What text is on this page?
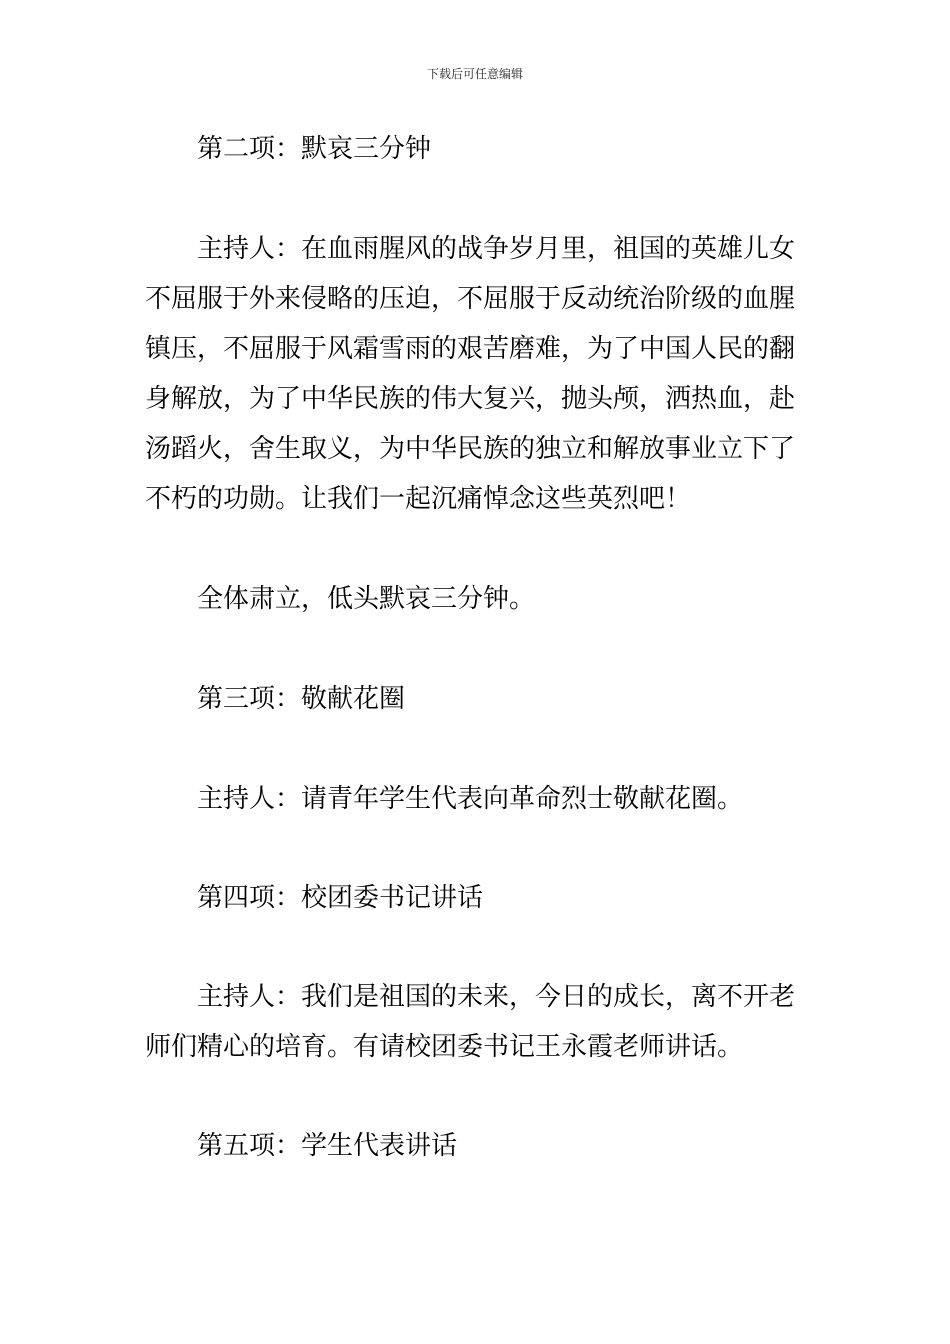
下载后可任意编辑

第二项：默哀三分钟

主持人：在血雨腥风的战争岁月里，祖国的英雄儿女不屈服于外来侵略的压迫，不屈服于反动统治阶级的血腥镇压，不屈服于风霜雪雨的艰苦磨难，为了中国人民的翻身解放，为了中华民族的伟大复兴，抛头颅，洒热血，赴汤蹈火，舍生取义，为中华民族的独立和解放事业立下了不朽的功勋。让我们一起沉痛悼念这些英烈吧！

全体肃立，低头默哀三分钟。

第三项：敬献花圈

主持人：请青年学生代表向革命烈士敬献花圈。

第四项：校团委书记讲话

主持人：我们是祖国的未来，今日的成长，离不开老师们精心的培育。有请校团委书记王永霞老师讲话。

第五项：学生代表讲话
